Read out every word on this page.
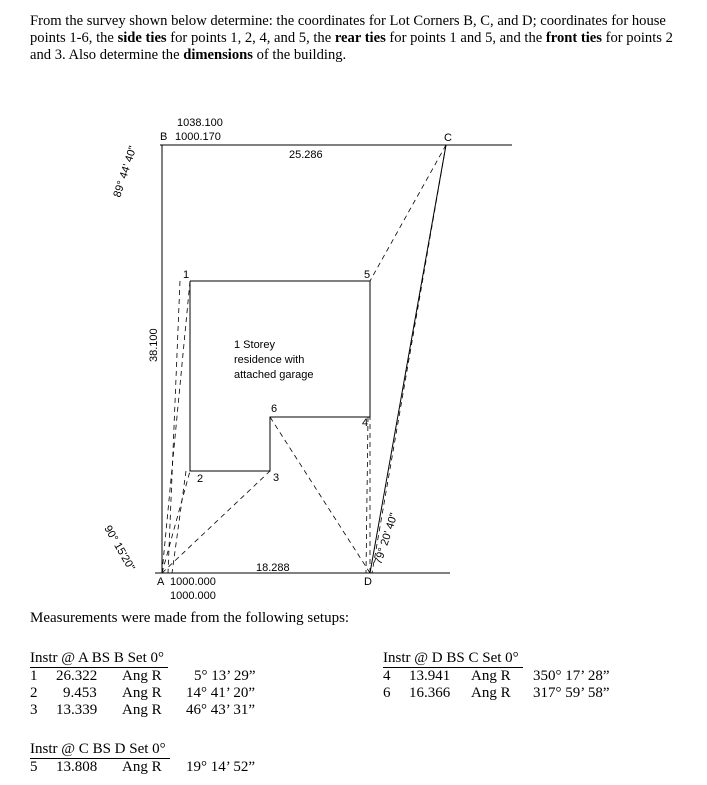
From the survey shown below determine: the coordinates for Lot Corners B, C, and D; coordinates for house points 1-6, the side ties for points 1, 2, 4, and 5, the rear ties for points 1 and 5, and the front ties for points 2 and 3. Also determine the dimensions of the building.
1038.100
B 1000.170	C
25.286
89° 44' 40"
90° 15'20"	79° 20' 40"
38.100	1 Storey
residence with
attached garage
1
2	3
4
5
6
18.288
A 1000.000
1000.000
D
Measurements were made from the following setups:
Instr @ A BS B Set 0°
1 26.322 Ang R 5° 13’ 29”
2 9.453 Ang R 14° 41’ 20”
3 13.339 Ang R 46° 43’ 31”
Instr @ C BS D Set 0°
5 13.808 Ang R 19° 14’ 52”
Instr @ D BS C Set 0°
4 13.941 Ang R 350° 17’ 28”
6 16.366 Ang R 317° 59’ 58”
